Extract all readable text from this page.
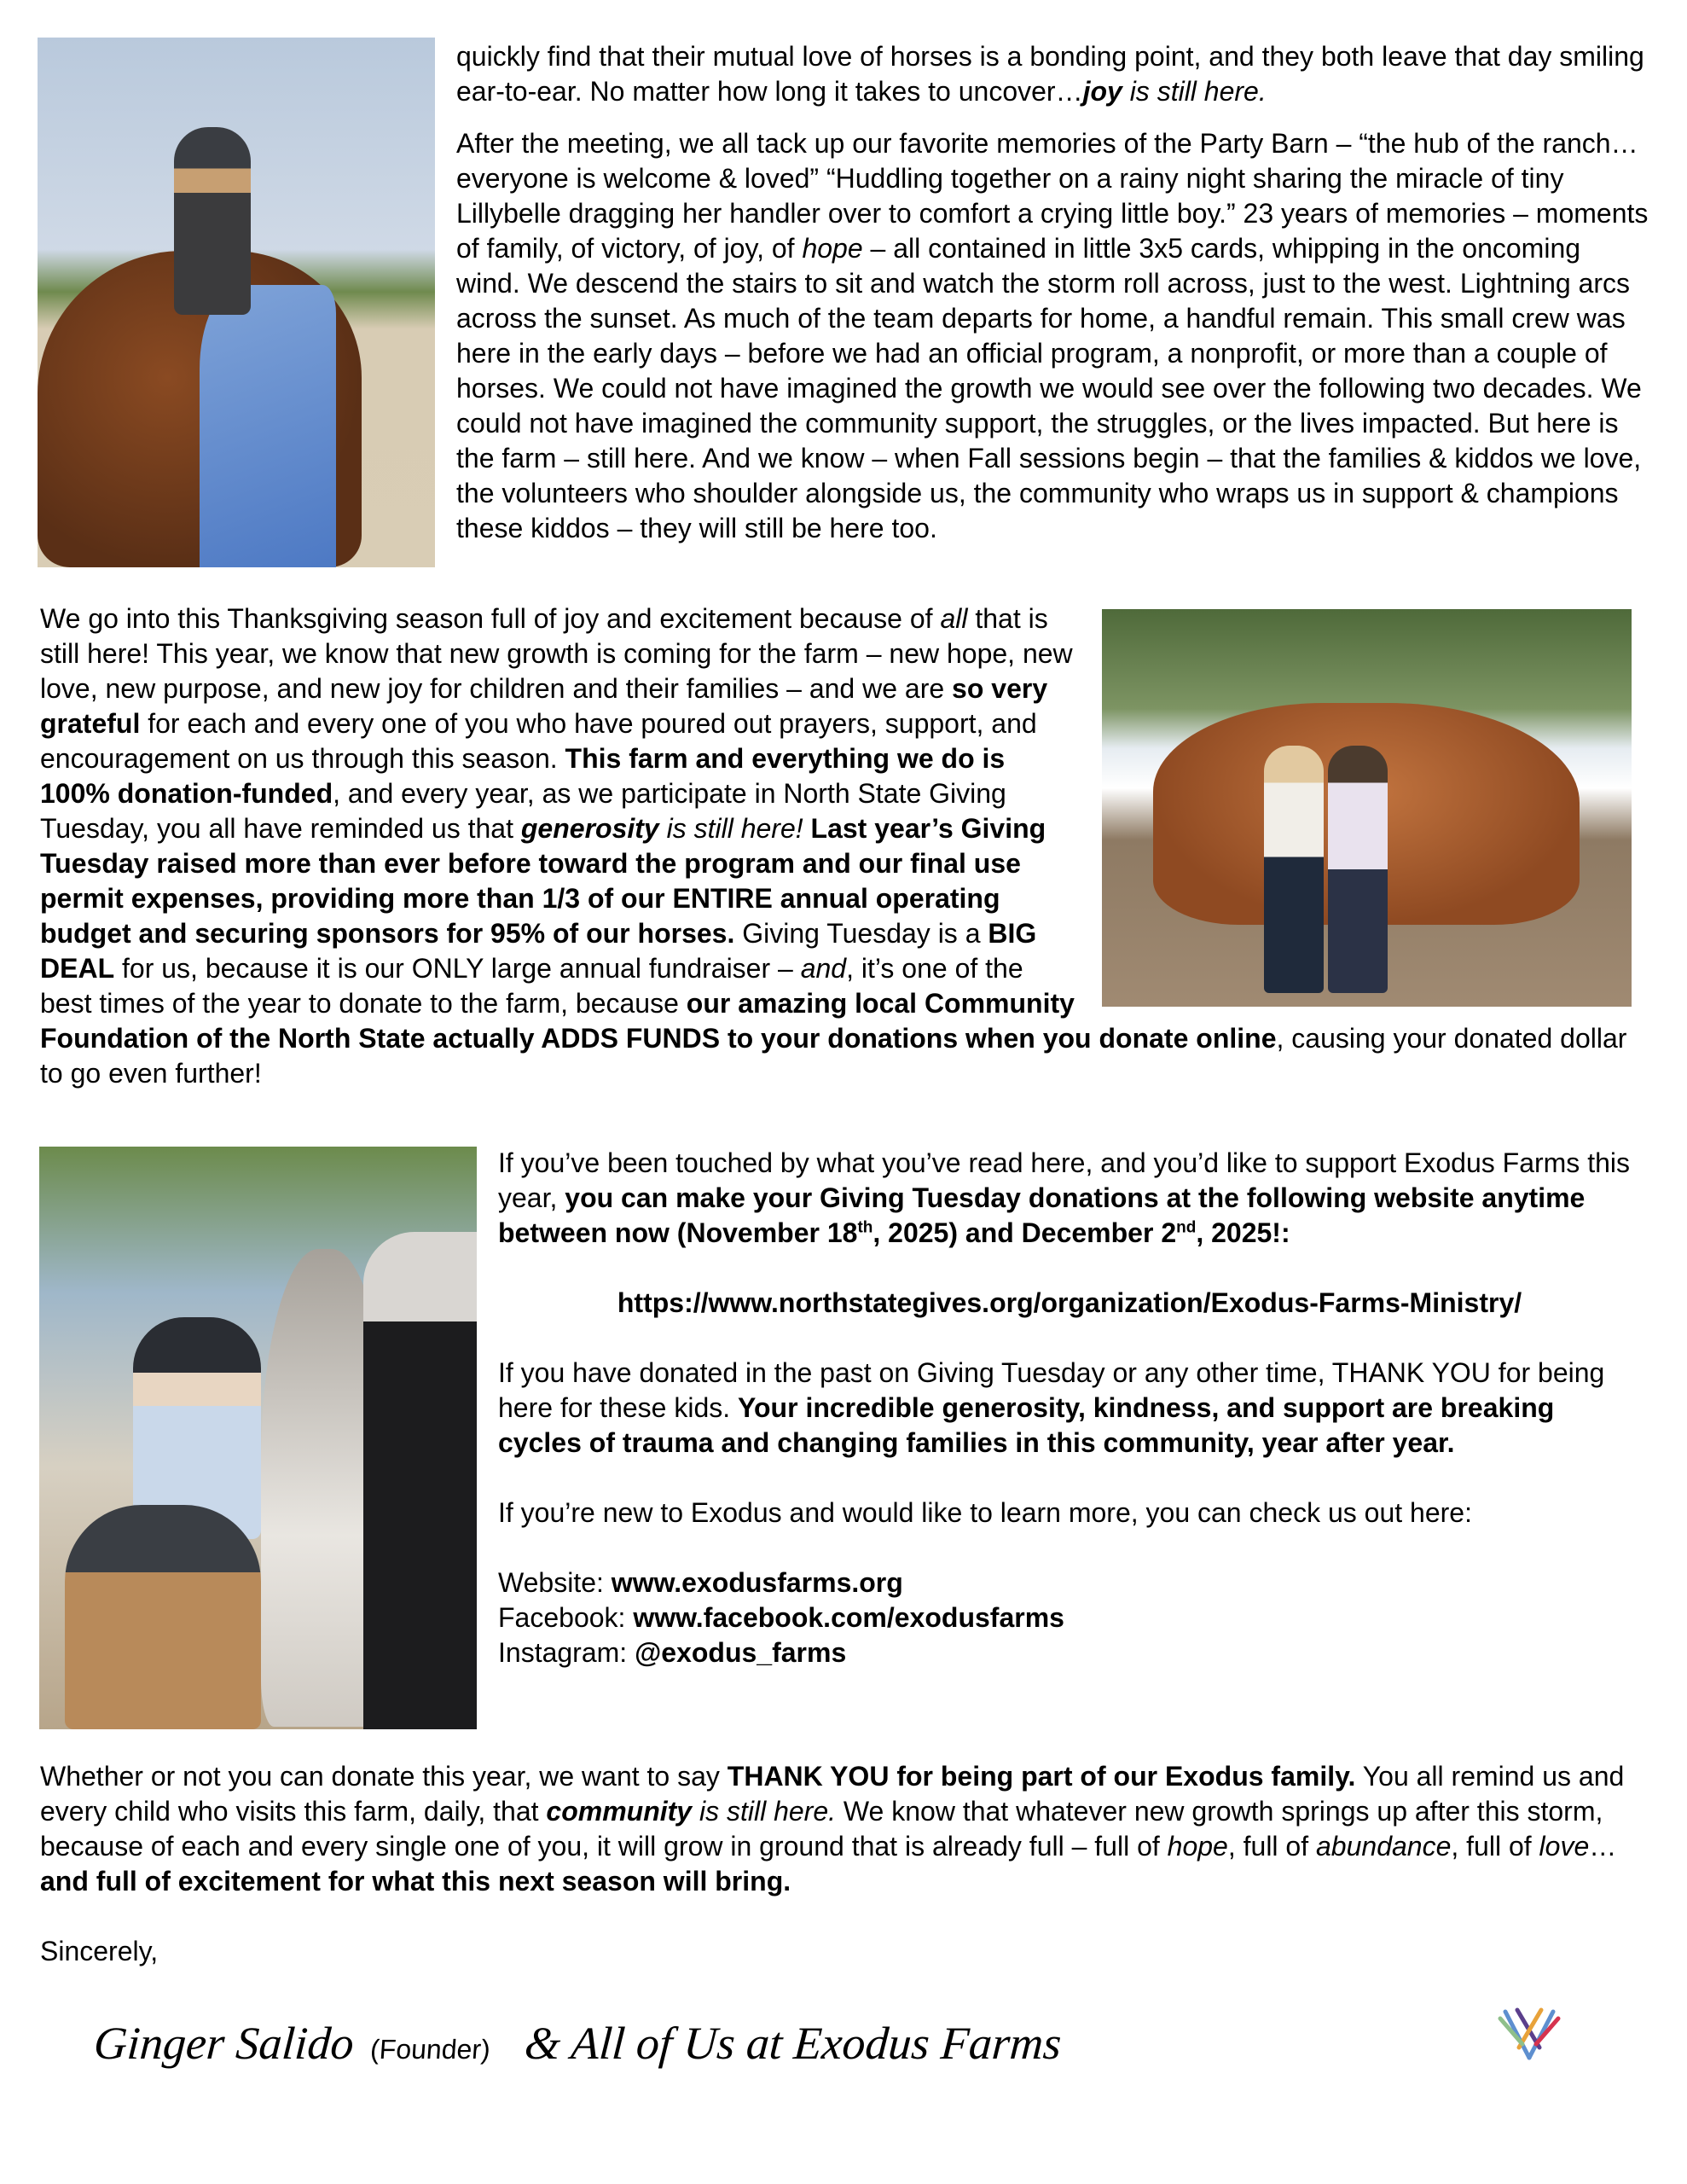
quickly find that their mutual love of horses is a bonding point, and they both leave that day smiling ear-to-ear. No matter how long it takes to uncover…joy is still here.

After the meeting, we all tack up our favorite memories of the Party Barn – “the hub of the ranch…everyone is welcome & loved” “Huddling together on a rainy night sharing the miracle of tiny Lillybelle dragging her handler over to comfort a crying little boy.” 23 years of memories – moments of family, of victory, of joy, of hope – all contained in little 3x5 cards, whipping in the oncoming wind. We descend the stairs to sit and watch the storm roll across, just to the west. Lightning arcs across the sunset. As much of the team departs for home, a handful remain. This small crew was here in the early days – before we had an official program, a nonprofit, or more than a couple of horses. We could not have imagined the growth we would see over the following two decades. We could not have imagined the community support, the struggles, or the lives impacted. But here is the farm – still here. And we know – when Fall sessions begin – that the families & kiddos we love, the volunteers who shoulder alongside us, the community who wraps us in support & champions these kiddos – they will still be here too.

We go into this Thanksgiving season full of joy and excitement because of all that is still here! This year, we know that new growth is coming for the farm – new hope, new love, new purpose, and new joy for children and their families – and we are so very grateful for each and every one of you who have poured out prayers, support, and encouragement on us through this season. This farm and everything we do is 100% donation-funded, and every year, as we participate in North State Giving Tuesday, you all have reminded us that generosity is still here! Last year’s Giving Tuesday raised more than ever before toward the program and our final use permit expenses, providing more than 1/3 of our ENTIRE annual operating budget and securing sponsors for 95% of our horses. Giving Tuesday is a BIG DEAL for us, because it is our ONLY large annual fundraiser – and, it’s one of the best times of the year to donate to the farm, because our amazing local Community Foundation of the North State actually ADDS FUNDS to your donations when you donate online, causing your donated dollar to go even further!

If you’ve been touched by what you’ve read here, and you’d like to support Exodus Farms this year, you can make your Giving Tuesday donations at the following website anytime between now (November 18th, 2025) and December 2nd, 2025!:

https://www.northstategives.org/organization/Exodus-Farms-Ministry/

If you have donated in the past on Giving Tuesday or any other time, THANK YOU for being here for these kids. Your incredible generosity, kindness, and support are breaking cycles of trauma and changing families in this community, year after year.

If you’re new to Exodus and would like to learn more, you can check us out here:

Website: www.exodusfarms.org

Facebook: www.facebook.com/exodusfarms

Instagram: @exodus_farms

Whether or not you can donate this year, we want to say THANK YOU for being part of our Exodus family. You all remind us and every child who visits this farm, daily, that community is still here. We know that whatever new growth springs up after this storm, because of each and every single one of you, it will grow in ground that is already full – full of hope, full of abundance, full of love…and full of excitement for what this next season will bring.

Sincerely,

Ginger Salido (Founder) & All of Us at Exodus Farms
